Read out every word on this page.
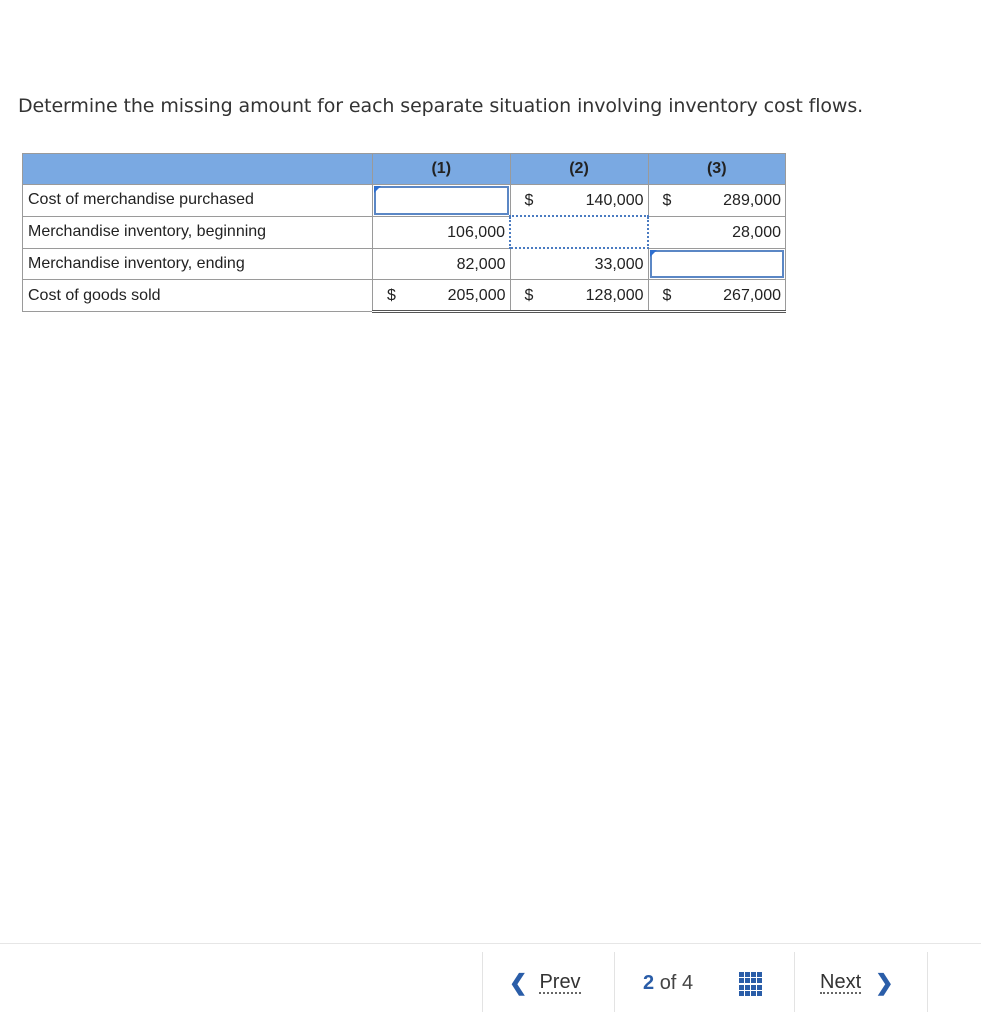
Determine the missing amount for each separate situation involving inventory cost flows.
	(1)	(2)	(3)
Cost of merchandise purchased		$ 140,000	$ 289,000

Merchandise inventory, beginning	106,000		28,000

Merchandise inventory, ending	82,000	33,000	

Cost of goods sold	$ 205,000	$ 128,000	$ 267,000
❮ Prev	2 of 4	Next ❯
